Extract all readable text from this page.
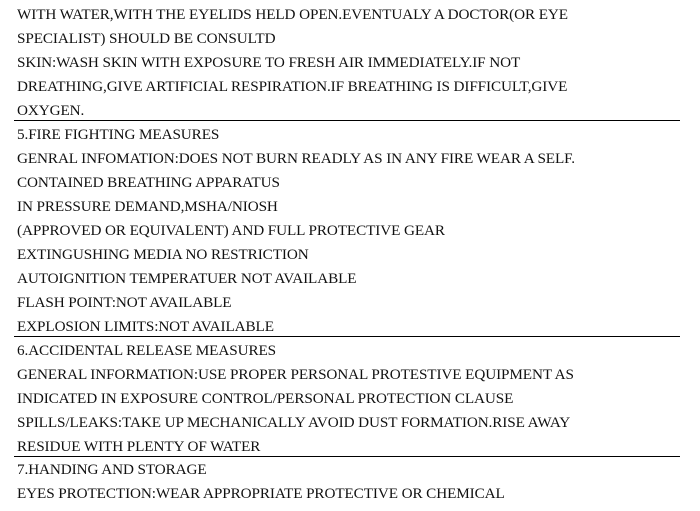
WITH WATER,WITH THE EYELIDS HELD OPEN.EVENTUALY A DOCTOR(OR EYE
SPECIALIST) SHOULD BE CONSULTD
SKIN:WASH SKIN WITH EXPOSURE TO FRESH AIR IMMEDIATELY.IF NOT
DREATHING,GIVE ARTIFICIAL RESPIRATION.IF BREATHING IS DIFFICULT,GIVE
OXYGEN.
5.FIRE FIGHTING MEASURES
GENRAL INFOMATION:DOES NOT BURN READLY AS IN ANY FIRE WEAR A SELF.
CONTAINED BREATHING APPARATUS
IN PRESSURE DEMAND,MSHA/NIOSH
(APPROVED OR EQUIVALENT) AND FULL PROTECTIVE GEAR
EXTINGUSHING MEDIA NO RESTRICTION
AUTOIGNITION TEMPERATUER NOT AVAILABLE
FLASH POINT:NOT AVAILABLE
EXPLOSION LIMITS:NOT AVAILABLE
6.ACCIDENTAL RELEASE MEASURES
GENERAL INFORMATION:USE PROPER PERSONAL PROTESTIVE EQUIPMENT AS
INDICATED IN EXPOSURE CONTROL/PERSONAL PROTECTION CLAUSE
SPILLS/LEAKS:TAKE UP MECHANICALLY AVOID DUST FORMATION.RISE AWAY
RESIDUE WITH PLENTY OF WATER
7.HANDING AND STORAGE
EYES PROTECTION:WEAR APPROPRIATE PROTECTIVE OR CHEMICAL
